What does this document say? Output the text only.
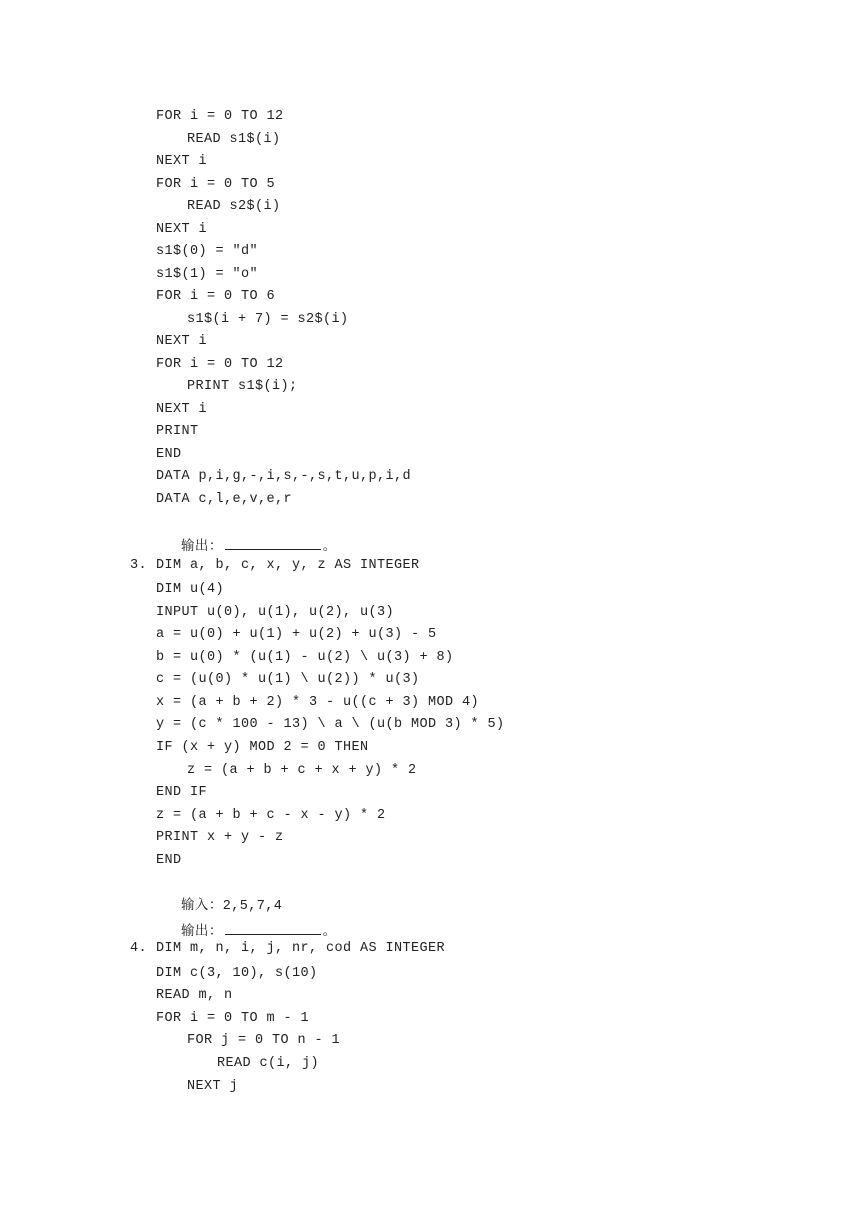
FOR i = 0 TO 12
READ s1$(i)
NEXT i
FOR i = 0 TO 5
READ s2$(i)
NEXT i
s1$(0) = "d"
s1$(1) = "o"
FOR i = 0 TO 6
s1$(i + 7) = s2$(i)
NEXT i
FOR i = 0 TO 12
PRINT s1$(i);
NEXT i
PRINT
END
DATA p,i,g,-,i,s,-,s,t,u,p,i,d
DATA c,l,e,v,e,r

输出：	。

3. DIM a, b, c, x, y, z AS INTEGER
DIM u(4)
INPUT u(0), u(1), u(2), u(3)
a = u(0) + u(1) + u(2) + u(3) - 5
b = u(0) * (u(1) - u(2) \ u(3) + 8)
c = (u(0) * u(1) \ u(2)) * u(3)
x = (a + b + 2) * 3 - u((c + 3) MOD 4)
y = (c * 100 - 13) \ a \ (u(b MOD 3) * 5)
IF (x + y) MOD 2 = 0 THEN
z = (a + b + c + x + y) * 2
END IF
z = (a + b + c - x - y) * 2
PRINT x + y - z
END

输入：2,5,7,4

输出：	。

4. DIM m, n, i, j, nr, cod AS INTEGER
DIM c(3, 10), s(10)
READ m, n
FOR i = 0 TO m - 1
FOR j = 0 TO n - 1
READ c(i, j)
NEXT j
